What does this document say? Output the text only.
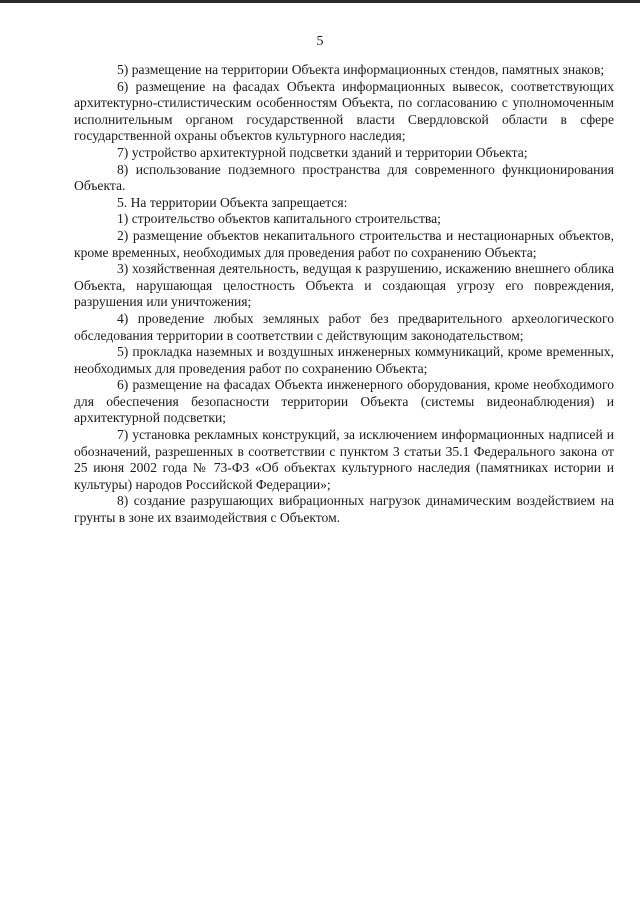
5

5) размещение на территории Объекта информационных стендов, памятных знаков;

6) размещение на фасадах Объекта информационных вывесок, соответствующих архитектурно-стилистическим особенностям Объекта, по согласованию с уполномоченным исполнительным органом государственной власти Свердловской области в сфере государственной охраны объектов культурного наследия;

7) устройство архитектурной подсветки зданий и территории Объекта;

8) использование подземного пространства для современного функционирования Объекта.

5. На территории Объекта запрещается:

1) строительство объектов капитального строительства;

2) размещение объектов некапитального строительства и нестационарных объектов, кроме временных, необходимых для проведения работ по сохранению Объекта;

3) хозяйственная деятельность, ведущая к разрушению, искажению внешнего облика Объекта, нарушающая целостность Объекта и создающая угрозу его повреждения, разрушения или уничтожения;

4) проведение любых земляных работ без предварительного археологического обследования территории в соответствии с действующим законодательством;

5) прокладка наземных и воздушных инженерных коммуникаций, кроме временных, необходимых для проведения работ по сохранению Объекта;

6) размещение на фасадах Объекта инженерного оборудования, кроме необходимого для обеспечения безопасности территории Объекта (системы видеонаблюдения) и архитектурной подсветки;

7) установка рекламных конструкций, за исключением информационных надписей и обозначений, разрешенных в соответствии с пунктом 3 статьи 35.1 Федерального закона от 25 июня 2002 года № 73-ФЗ «Об объектах культурного наследия (памятниках истории и культуры) народов Российской Федерации»;

8) создание разрушающих вибрационных нагрузок динамическим воздействием на грунты в зоне их взаимодействия с Объектом.
